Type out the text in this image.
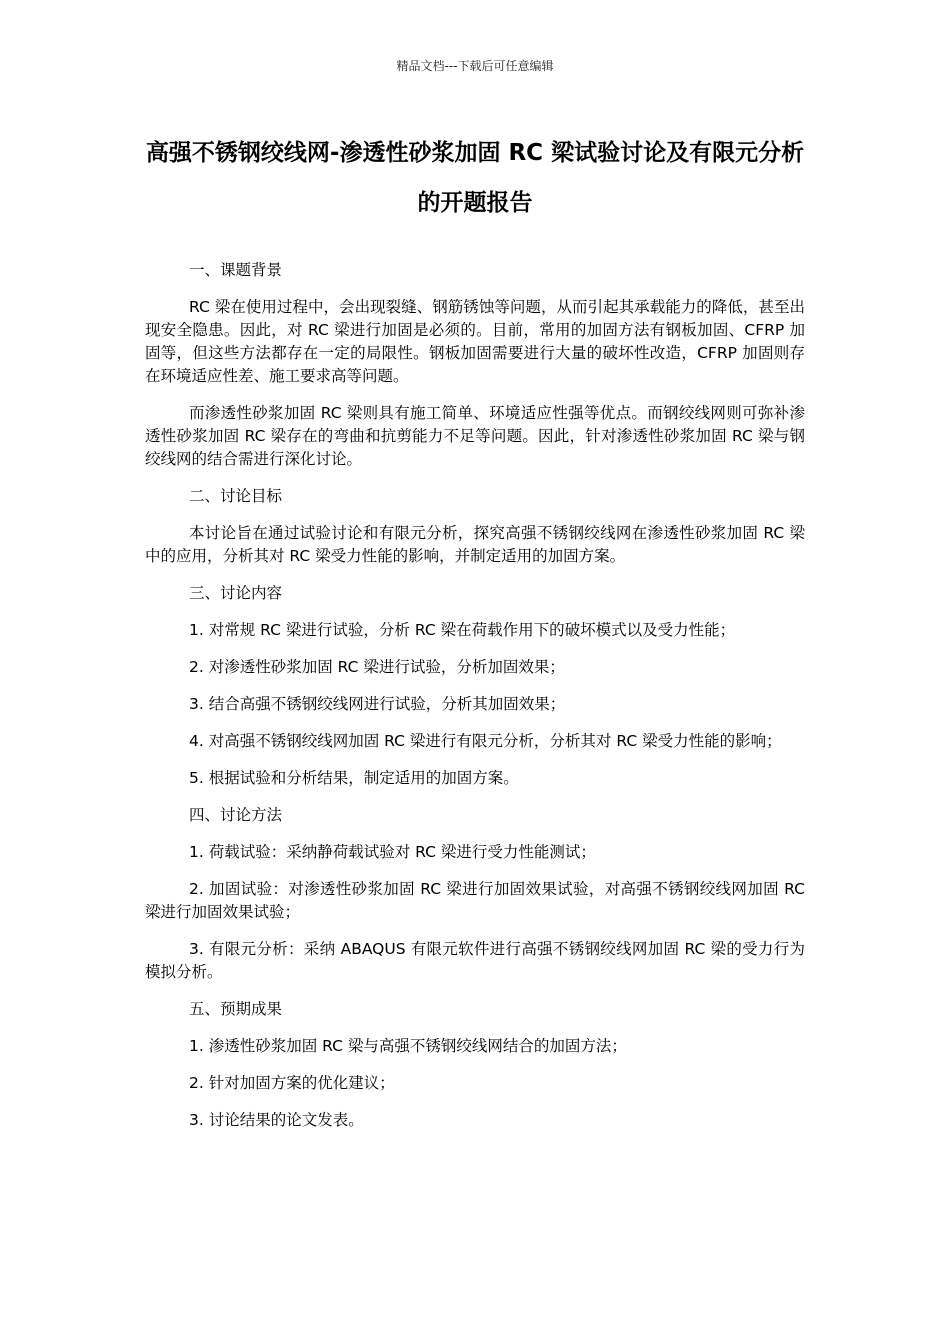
精品文档---下载后可任意编辑
高强不锈钢绞线网-渗透性砂浆加固 RC 梁试验讨论及有限元分析的开题报告

一、课题背景

RC 梁在使用过程中，会出现裂缝、钢筋锈蚀等问题，从而引起其承载能力的降低，甚至出现安全隐患。因此，对 RC 梁进行加固是必须的。目前，常用的加固方法有钢板加固、CFRP 加固等，但这些方法都存在一定的局限性。钢板加固需要进行大量的破坏性改造，CFRP 加固则存在环境适应性差、施工要求高等问题。

而渗透性砂浆加固 RC 梁则具有施工简单、环境适应性强等优点。而钢绞线网则可弥补渗透性砂浆加固 RC 梁存在的弯曲和抗剪能力不足等问题。因此，针对渗透性砂浆加固 RC 梁与钢绞线网的结合需进行深化讨论。

二、讨论目标

本讨论旨在通过试验讨论和有限元分析，探究高强不锈钢绞线网在渗透性砂浆加固 RC 梁中的应用，分析其对 RC 梁受力性能的影响，并制定适用的加固方案。

三、讨论内容

1. 对常规 RC 梁进行试验，分析 RC 梁在荷载作用下的破坏模式以及受力性能；

2. 对渗透性砂浆加固 RC 梁进行试验，分析加固效果；

3. 结合高强不锈钢绞线网进行试验，分析其加固效果；

4. 对高强不锈钢绞线网加固 RC 梁进行有限元分析，分析其对 RC 梁受力性能的影响；

5. 根据试验和分析结果，制定适用的加固方案。

四、讨论方法

1. 荷载试验：采纳静荷载试验对 RC 梁进行受力性能测试；

2. 加固试验：对渗透性砂浆加固 RC 梁进行加固效果试验，对高强不锈钢绞线网加固 RC 梁进行加固效果试验；

3. 有限元分析：采纳 ABAQUS 有限元软件进行高强不锈钢绞线网加固 RC 梁的受力行为模拟分析。

五、预期成果

1. 渗透性砂浆加固 RC 梁与高强不锈钢绞线网结合的加固方法；

2. 针对加固方案的优化建议；

3. 讨论结果的论文发表。
